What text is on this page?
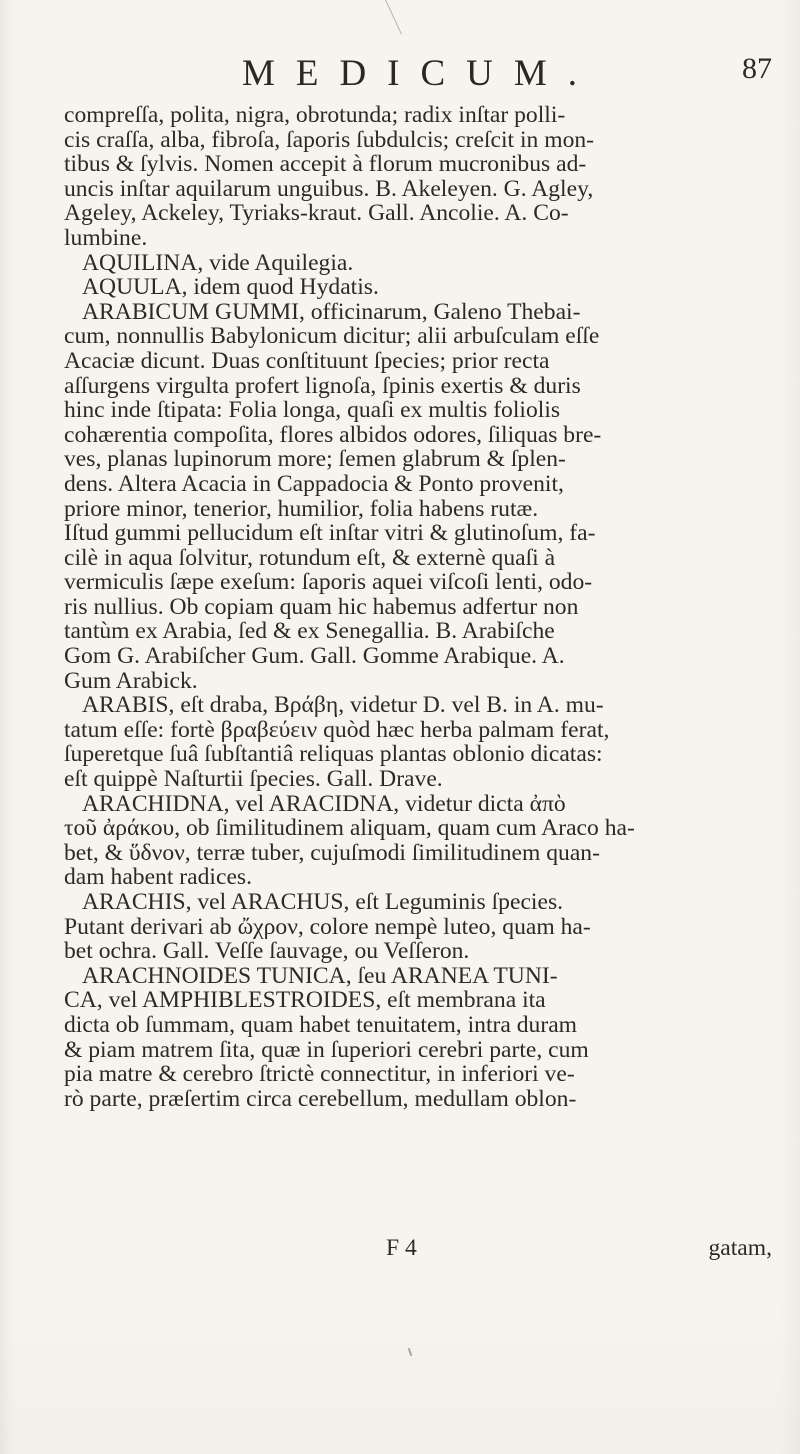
MEDICUM.	87
compreſſa, polita, nigra, obrotunda; radix inſtar polli-
cis craſſa, alba, fibroſa, ſaporis ſubdulcis; creſcit in mon-
tibus & ſylvis. Nomen accepit à florum mucronibus ad-
uncis inſtar aquilarum unguibus. B. Akeleyen. G. Agley,
Ageley, Ackeley, Tyriaks-kraut. Gall. Ancolie. A. Co-
lumbine.
AQUILINA, vide Aquilegia.
AQUULA, idem quod Hydatis.
ARABICUM GUMMI, officinarum, Galeno Thebai-
cum, nonnullis Babylonicum dicitur; alii arbuſculam eſſe
Acaciæ dicunt. Duas conſtituunt ſpecies; prior recta
aſſurgens virgulta profert lignoſa, ſpinis exertis & duris
hinc inde ſtipata: Folia longa, quaſi ex multis foliolis
cohærentia compoſita, flores albidos odores, ſiliquas bre-
ves, planas lupinorum more; ſemen glabrum & ſplen-
dens. Altera Acacia in Cappadocia & Ponto provenit,
priore minor, tenerior, humilior, folia habens rutæ.
Iſtud gummi pellucidum eſt inſtar vitri & glutinoſum, fa-
cilè in aqua ſolvitur, rotundum eſt, & externè quaſi à
vermiculis ſæpe exeſum: ſaporis aquei viſcoſi lenti, odo-
ris nullius. Ob copiam quam hic habemus adfertur non
tantùm ex Arabia, ſed & ex Senegallia. B. Arabiſche
Gom G. Arabiſcher Gum. Gall. Gomme Arabique. A.
Gum Arabick.
ARABIS, eſt draba, Βράβη, videtur D. vel B. in A. mu-
tatum eſſe: fortè βραβεύειν quòd hæc herba palmam ferat,
ſuperetque ſuâ ſubſtantiâ reliquas plantas oblonio dicatas:
eſt quippè Naſturtii ſpecies. Gall. Drave.
ARACHIDNA, vel ARACIDNA, videtur dicta ἀπὸ
τοῦ ἀράκου, ob ſimilitudinem aliquam, quam cum Araco ha-
bet, & ὕδνον, terræ tuber, cujuſmodi ſimilitudinem quan-
dam habent radices.
ARACHIS, vel ARACHUS, eſt Leguminis ſpecies.
Putant derivari ab ὤχρον, colore nempè luteo, quam ha-
bet ochra. Gall. Veſſe ſauvage, ou Veſſeron.
ARACHNOIDES TUNICA, ſeu ARANEA TUNI-
CA, vel AMPHIBLESTROIDES, eſt membrana ita
dicta ob ſummam, quam habet tenuitatem, intra duram
& piam matrem ſita, quæ in ſuperiori cerebri parte, cum
pia matre & cerebro ſtrictè connectitur, in inferiori ve-
rò parte, præſertim circa cerebellum, medullam oblon-
F 4	gatam,
